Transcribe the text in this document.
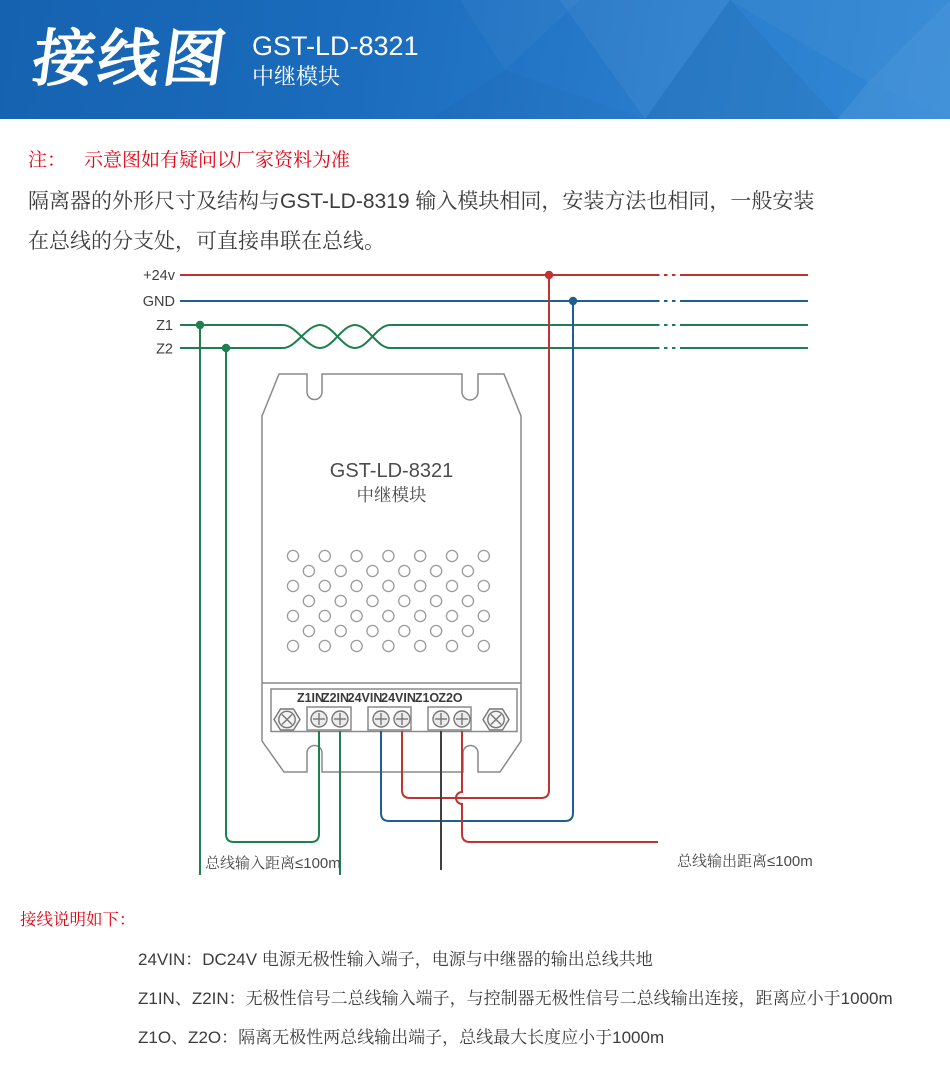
接线图 GST-LD-8321
中继模块
注： 示意图如有疑问以厂家资料为准
隔离器的外形尺寸及结构与GST-LD-8319 输入模块相同，安装方法也相同，一般安装
在总线的分支处，可直接串联在总线。
+24v
GND
Z1
Z2
GST-LD-8321
中继模块
Z1IN
Z2IN
24VIN
24VIN
Z1O Z2O
总线输入距离≤100m	总线输出距离≤100m
接线说明如下：
24VIN：DC24V 电源无极性输入端子，电源与中继器的输出总线共地
Z1IN、Z2IN：无极性信号二总线输入端子，与控制器无极性信号二总线输出连接，距离应小于1000m
Z1O、Z2O：隔离无极性两总线输出端子，总线最大长度应小于1000m
